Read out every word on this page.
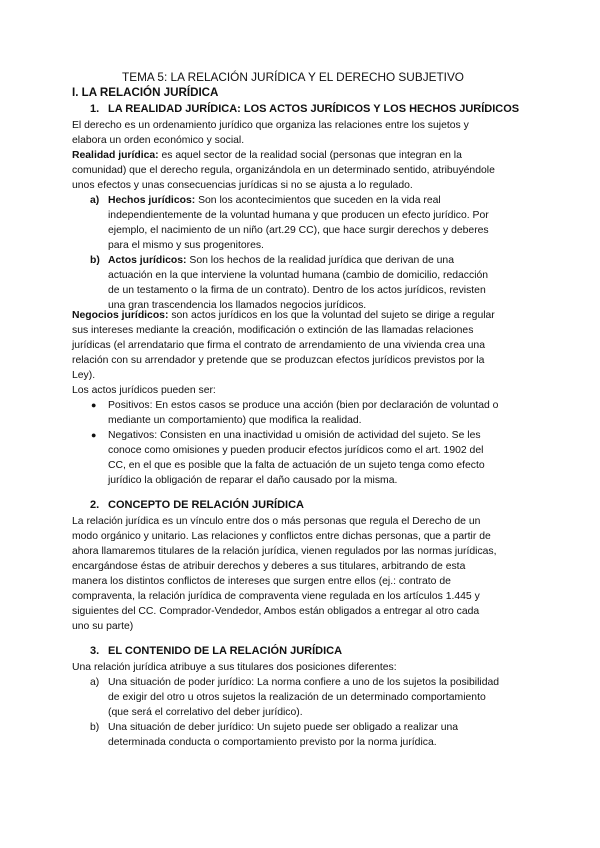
TEMA 5: LA RELACIÓN JURÍDICA Y EL DERECHO SUBJETIVO
I. LA RELACIÓN JURÍDICA
1. LA REALIDAD JURÍDICA: LOS ACTOS JURÍDICOS Y LOS HECHOS JURÍDICOS
El derecho es un ordenamiento jurídico que organiza las relaciones entre los sujetos y
elabora un orden económico y social.
Realidad jurídica: es aquel sector de la realidad social (personas que integran en la
comunidad) que el derecho regula, organizándola en un determinado sentido, atribuyéndole
unos efectos y unas consecuencias jurídicas si no se ajusta a lo regulado.
a) Hechos jurídicos: Son los acontecimientos que suceden en la vida real
independientemente de la voluntad humana y que producen un efecto jurídico. Por
ejemplo, el nacimiento de un niño (art.29 CC), que hace surgir derechos y deberes
para el mismo y sus progenitores.
b) Actos jurídicos: Son los hechos de la realidad jurídica que derivan de una
actuación en la que interviene la voluntad humana (cambio de domicilio, redacción
de un testamento o la firma de un contrato). Dentro de los actos jurídicos, revisten
una gran trascendencia los llamados negocios jurídicos.
Negocios jurídicos: son actos jurídicos en los que la voluntad del sujeto se dirige a regular
sus intereses mediante la creación, modificación o extinción de las llamadas relaciones
jurídicas (el arrendatario que firma el contrato de arrendamiento de una vivienda crea una
relación con su arrendador y pretende que se produzcan efectos jurídicos previstos por la
Ley).
Los actos jurídicos pueden ser:
● Positivos: En estos casos se produce una acción (bien por declaración de voluntad o
mediante un comportamiento) que modifica la realidad.
● Negativos: Consisten en una inactividad u omisión de actividad del sujeto. Se les
conoce como omisiones y pueden producir efectos jurídicos como el art. 1902 del
CC, en el que es posible que la falta de actuación de un sujeto tenga como efecto
jurídico la obligación de reparar el daño causado por la misma.
2. CONCEPTO DE RELACIÓN JURÍDICA
La relación jurídica es un vínculo entre dos o más personas que regula el Derecho de un
modo orgánico y unitario. Las relaciones y conflictos entre dichas personas, que a partir de
ahora llamaremos titulares de la relación jurídica, vienen regulados por las normas jurídicas,
encargándose éstas de atribuir derechos y deberes a sus titulares, arbitrando de esta
manera los distintos conflictos de intereses que surgen entre ellos (ej.: contrato de
compraventa, la relación jurídica de compraventa viene regulada en los artículos 1.445 y
siguientes del CC. Comprador-Vendedor, Ambos están obligados a entregar al otro cada
uno su parte)
3. EL CONTENIDO DE LA RELACIÓN JURÍDICA
Una relación jurídica atribuye a sus titulares dos posiciones diferentes:
a) Una situación de poder jurídico: La norma confiere a uno de los sujetos la posibilidad
de exigir del otro u otros sujetos la realización de un determinado comportamiento
(que será el correlativo del deber jurídico).
b) Una situación de deber jurídico: Un sujeto puede ser obligado a realizar una
determinada conducta o comportamiento previsto por la norma jurídica.
